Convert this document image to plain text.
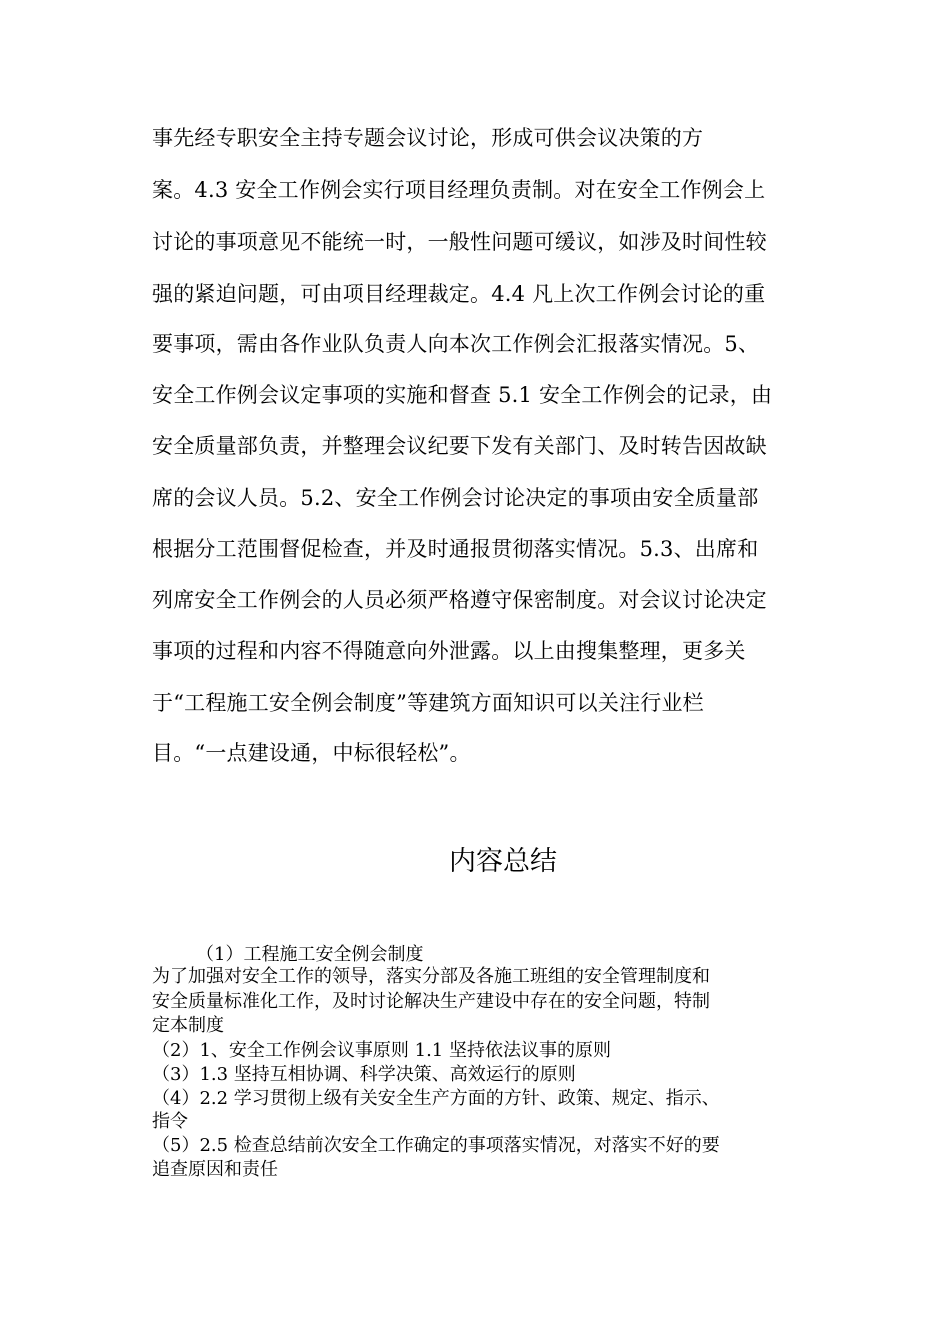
事先经专职安全主持专题会议讨论，形成可供会议决策的方
案。4.3 安全工作例会实行项目经理负责制。对在安全工作例会上
讨论的事项意见不能统一时，一般性问题可缓议，如涉及时间性较
强的紧迫问题，可由项目经理裁定。4.4 凡上次工作例会讨论的重
要事项，需由各作业队负责人向本次工作例会汇报落实情况。5、
安全工作例会议定事项的实施和督查 5.1 安全工作例会的记录，由
安全质量部负责，并整理会议纪要下发有关部门、及时转告因故缺
席的会议人员。5.2、安全工作例会讨论决定的事项由安全质量部
根据分工范围督促检查，并及时通报贯彻落实情况。5.3、出席和
列席安全工作例会的人员必须严格遵守保密制度。对会议讨论决定
事项的过程和内容不得随意向外泄露。以上由搜集整理，更多关
于“工程施工安全例会制度”等建筑方面知识可以关注行业栏
目。“一点建设通，中标很轻松”。
内容总结
（1）工程施工安全例会制度
为了加强对安全工作的领导，落实分部及各施工班组的安全管理制度和
安全质量标准化工作，及时讨论解决生产建设中存在的安全问题，特制
定本制度
（2）1、安全工作例会议事原则 1.1 坚持依法议事的原则
（3）1.3 坚持互相协调、科学决策、高效运行的原则
（4）2.2 学习贯彻上级有关安全生产方面的方针、政策、规定、指示、
指令
（5）2.5 检查总结前次安全工作确定的事项落实情况，对落实不好的要
追查原因和责任
